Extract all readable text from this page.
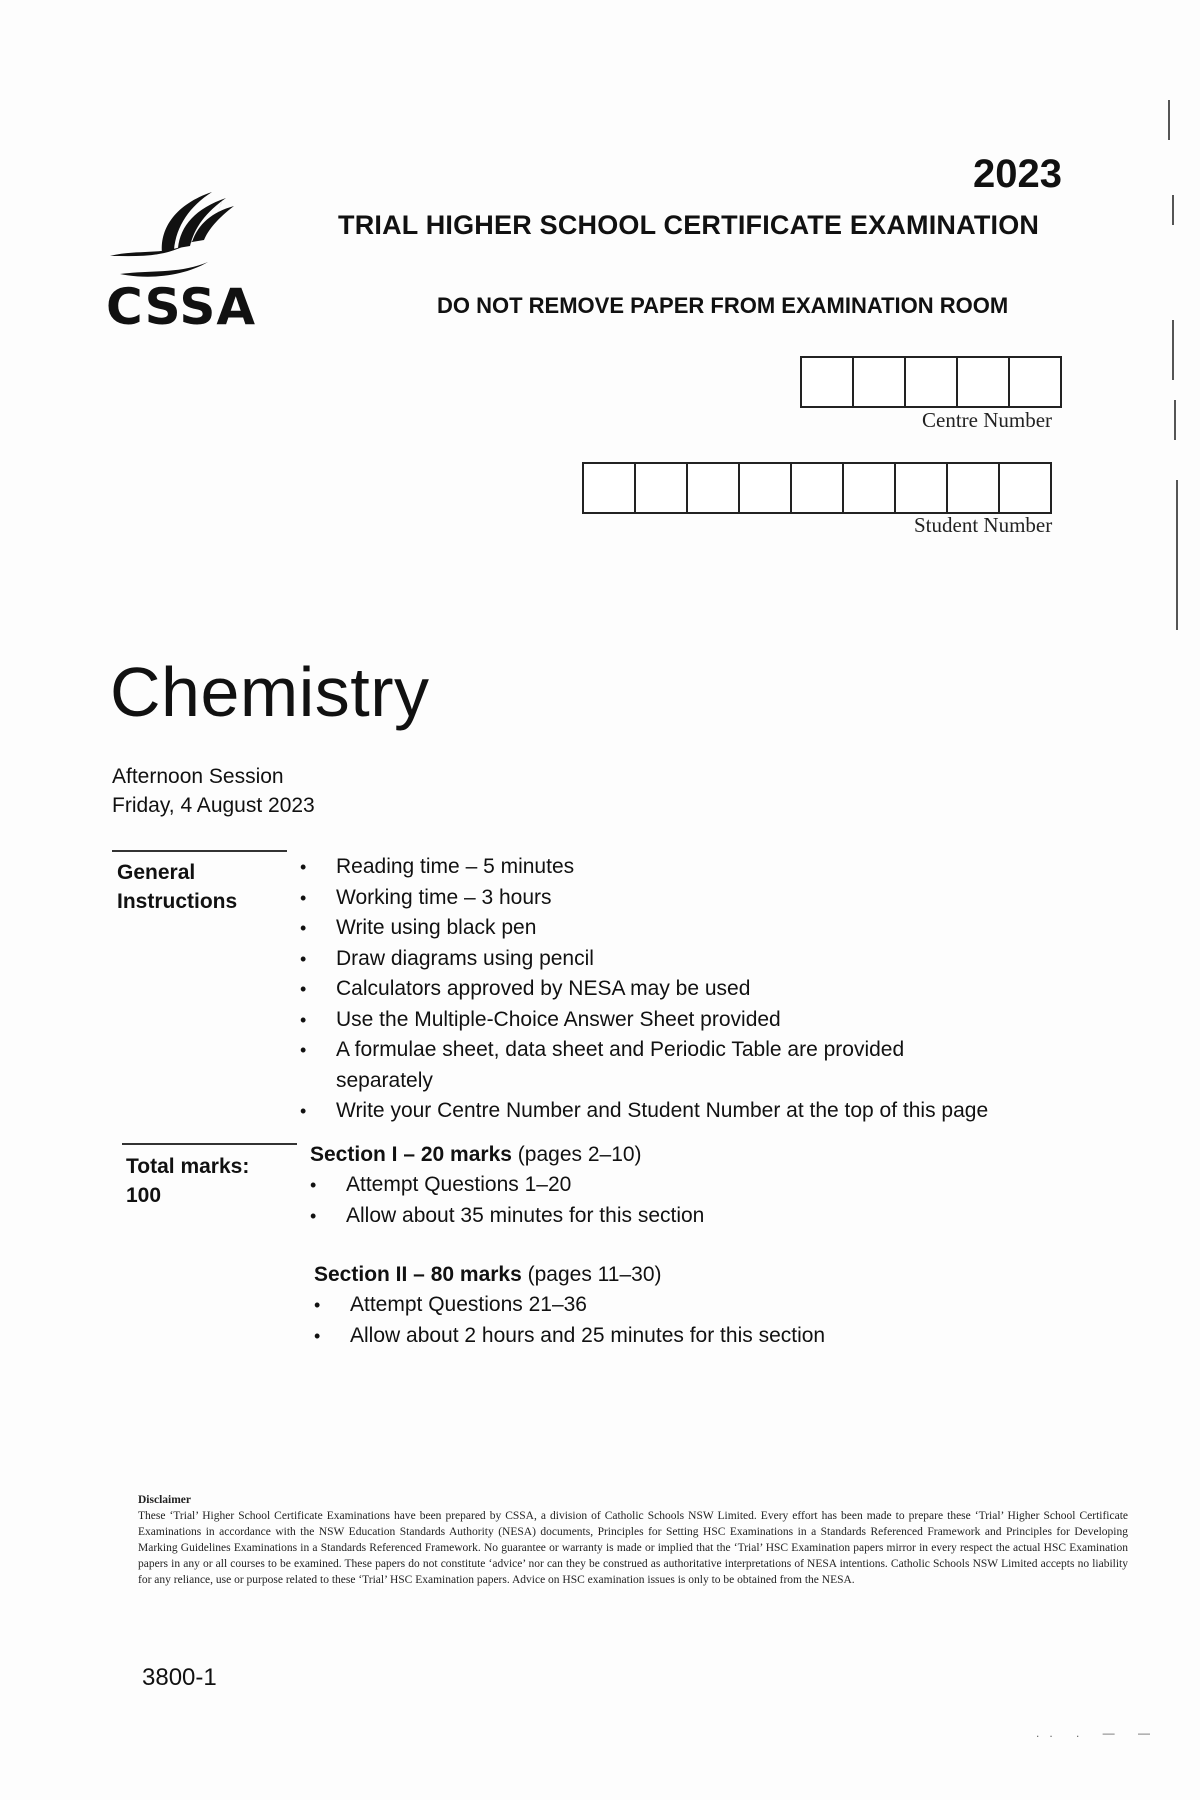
CSSA
2023
TRIAL HIGHER SCHOOL CERTIFICATE EXAMINATION
DO NOT REMOVE PAPER FROM EXAMINATION ROOM
Centre Number
Student Number
Chemistry
Afternoon Session
Friday, 4 August 2023
General
Instructions
• Reading time – 5 minutes
• Working time – 3 hours
• Write using black pen
• Draw diagrams using pencil
• Calculators approved by NESA may be used
• Use the Multiple-Choice Answer Sheet provided
• A formulae sheet, data sheet and Periodic Table are provided separately
• Write your Centre Number and Student Number at the top of this page
Total marks:
100
Section I – 20 marks (pages 2–10)
• Attempt Questions 1–20
• Allow about 35 minutes for this section
Section II – 80 marks (pages 11–30)
• Attempt Questions 21–36
• Allow about 2 hours and 25 minutes for this section
Disclaimer
These ‘Trial’ Higher School Certificate Examinations have been prepared by CSSA, a division of Catholic Schools NSW Limited. Every effort has been made to prepare these ‘Trial’ Higher School Certificate Examinations in accordance with the NSW Education Standards Authority (NESA) documents, Principles for Setting HSC Examinations in a Standards Referenced Framework and Principles for Developing Marking Guidelines Examinations in a Standards Referenced Framework. No guarantee or warranty is made or implied that the ‘Trial’ HSC Examination papers mirror in every respect the actual HSC Examination papers in any or all courses to be examined. These papers do not constitute ‘advice’ nor can they be construed as authoritative interpretations of NESA intentions. Catholic Schools NSW Limited accepts no liability for any reliance, use or purpose related to these ‘Trial’ HSC Examination papers. Advice on HSC examination issues is only to be obtained from the NESA.
3800-1
.. . — —
